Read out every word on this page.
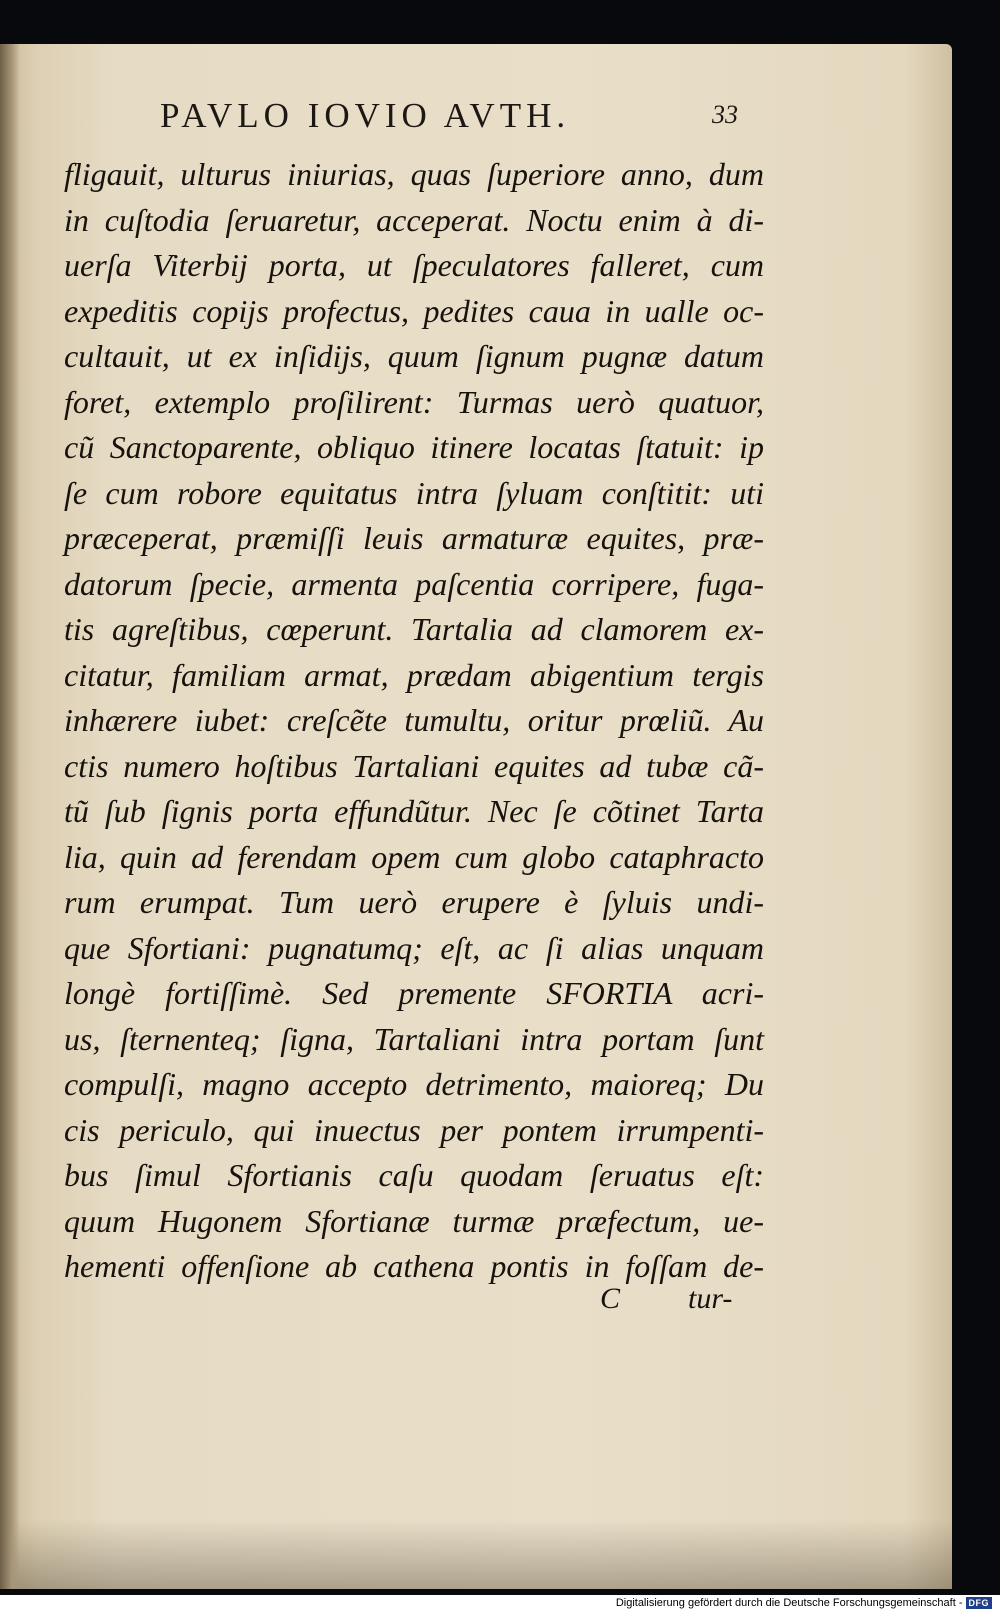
PAVLO IOVIO AVTH.	33
fligauit, ulturus iniurias, quas ſuperiore anno, dum
in cuſtodia ſeruaretur, acceperat. Noctu enim à di-
uerſa Viterbij porta, ut ſpeculatores falleret, cum
expeditis copijs profectus, pedites caua in ualle oc-
cultauit, ut ex inſidijs, quum ſignum pugnæ datum
foret, extemplo proſilirent: Turmas uerò quatuor,
cũ Sanctoparente, obliquo itinere locatas ſtatuit: ip
ſe cum robore equitatus intra ſyluam conſtitit: uti
præceperat, præmiſſi leuis armaturæ equites, præ-
datorum ſpecie, armenta paſcentia corripere, fuga-
tis agreſtibus, cœperunt. Tartalia ad clamorem ex-
citatur, familiam armat, prædam abigentium tergis
inhærere iubet: creſcẽte tumultu, oritur prœliũ. Au
ctis numero hoſtibus Tartaliani equites ad tubæ cã-
tũ ſub ſignis porta effundũtur. Nec ſe cõtinet Tarta
lia, quin ad ferendam opem cum globo cataphracto
rum erumpat. Tum uerò erupere è ſyluis undi-
que Sfortiani: pugnatumq; eſt, ac ſi alias unquam
longè fortiſſimè. Sed premente SFORTIA acri-
us, ſternenteq; ſigna, Tartaliani intra portam ſunt
compulſi, magno accepto detrimento, maioreq; Du
cis periculo, qui inuectus per pontem irrumpenti-
bus ſimul Sfortianis caſu quodam ſeruatus eſt:
quum Hugonem Sfortianæ turmæ præfectum, ue-
hementi offenſione ab cathena pontis in foſſam de-
C tur-
Digitalisierung gefördert durch die Deutsche Forschungsgemeinschaft - DFG
